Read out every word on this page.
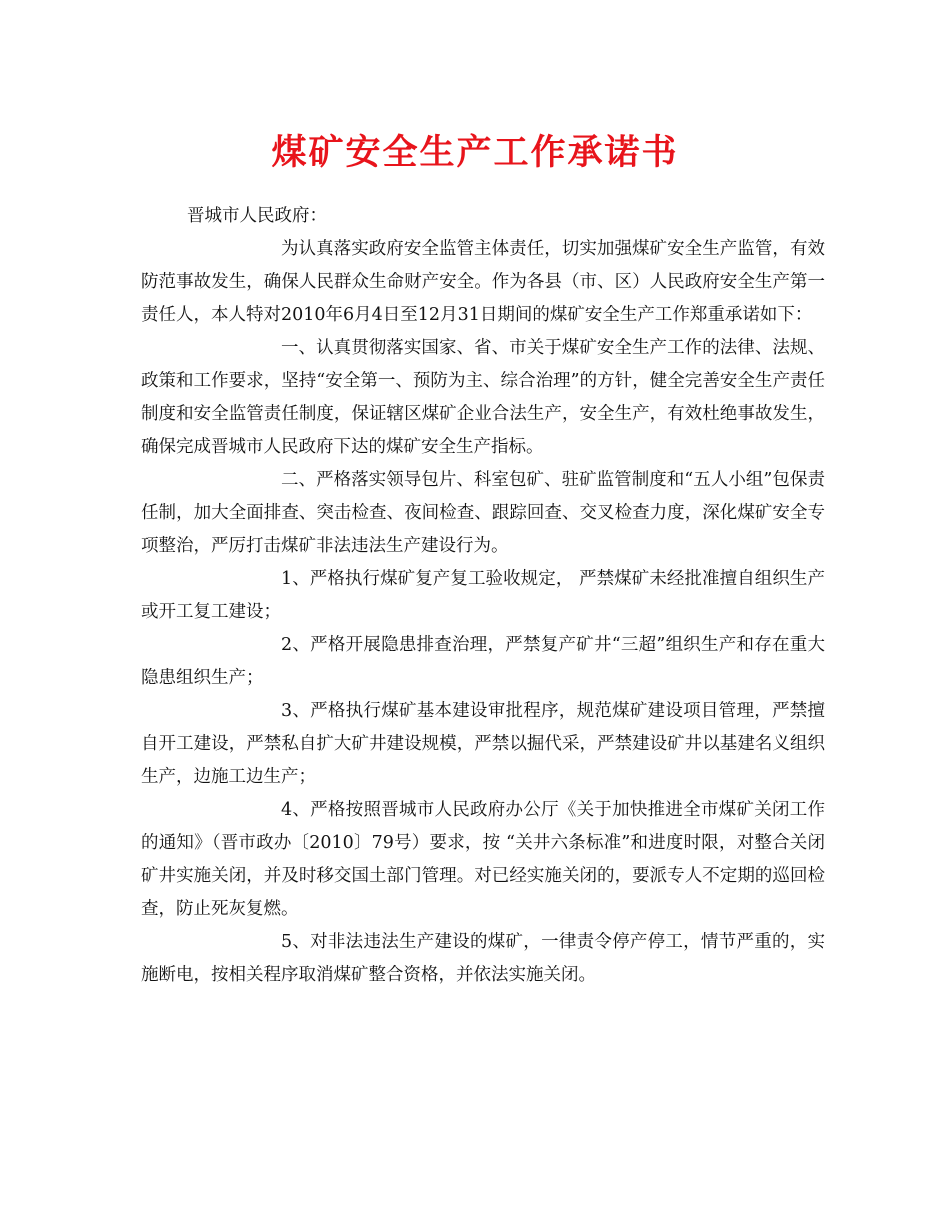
煤矿安全生产工作承诺书

晋城市人民政府：

为认真落实政府安全监管主体责任，切实加强煤矿安全生产监管，有效防范事故发生，确保人民群众生命财产安全。作为各县（市、区）人民政府安全生产第一责任人，本人特对2010年6月4日至12月31日期间的煤矿安全生产工作郑重承诺如下：

一、认真贯彻落实国家、省、市关于煤矿安全生产工作的法律、法规、政策和工作要求，坚持“安全第一、预防为主、综合治理”的方针，健全完善安全生产责任制度和安全监管责任制度，保证辖区煤矿企业合法生产，安全生产，有效杜绝事故发生，确保完成晋城市人民政府下达的煤矿安全生产指标。

二、严格落实领导包片、科室包矿、驻矿监管制度和“五人小组”包保责任制，加大全面排查、突击检查、夜间检查、跟踪回查、交叉检查力度，深化煤矿安全专项整治，严厉打击煤矿非法违法生产建设行为。

1、严格执行煤矿复产复工验收规定， 严禁煤矿未经批准擅自组织生产或开工复工建设；

2、严格开展隐患排查治理，严禁复产矿井“三超”组织生产和存在重大隐患组织生产；

3、严格执行煤矿基本建设审批程序，规范煤矿建设项目管理，严禁擅自开工建设，严禁私自扩大矿井建设规模，严禁以掘代采，严禁建设矿井以基建名义组织生产，边施工边生产；

4、严格按照晋城市人民政府办公厅《关于加快推进全市煤矿关闭工作的通知》（晋市政办〔2010〕79号）要求，按 “关井六条标准”和进度时限，对整合关闭矿井实施关闭，并及时移交国土部门管理。对已经实施关闭的，要派专人不定期的巡回检查，防止死灰复燃。

5、对非法违法生产建设的煤矿，一律责令停产停工，情节严重的，实施断电，按相关程序取消煤矿整合资格，并依法实施关闭。
